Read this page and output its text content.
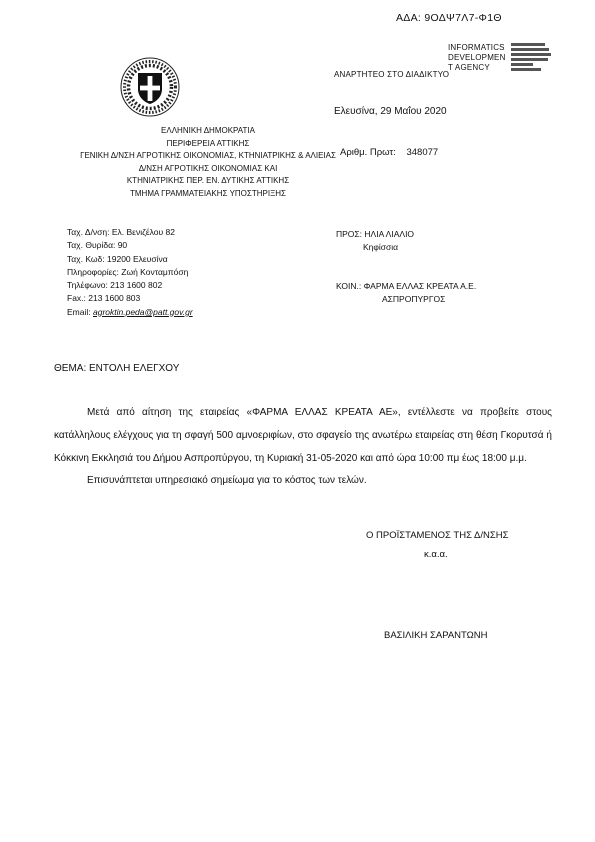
ΑΔΑ: 9ΟΔΨ7Λ7-Φ1Θ
INFORMATICS
DEVELOPMEN
T AGENCY
ΑΝΑΡΤΗΤΕΟ ΣΤΟ ΔΙΑΔΙΚΤΥΟ
ΕΛΛΗΝΙΚΗ ΔΗΜΟΚΡΑΤΙΑ
ΠΕΡΙΦΕΡΕΙΑ ΑΤΤΙΚΗΣ
ΓΕΝΙΚΗ Δ/ΝΣΗ ΑΓΡΟΤΙΚΗΣ ΟΙΚΟΝΟΜΙΑΣ, ΚΤΗΝΙΑΤΡΙΚΗΣ & ΑΛΙΕΙΑΣ
Δ/ΝΣΗ ΑΓΡΟΤΙΚΗΣ ΟΙΚΟΝΟΜΙΑΣ ΚΑΙ
ΚΤΗΝΙΑΤΡΙΚΗΣ ΠΕΡ. ΕΝ. ΔΥΤΙΚΗΣ ΑΤΤΙΚΗΣ
ΤΜΗΜΑ ΓΡΑΜΜΑΤΕΙΑΚΗΣ ΥΠΟΣΤΗΡΙΞΗΣ
Ελευσίνα, 29 Μαΐου 2020
Αριθμ. Πρωτ: 348077
Ταχ. Δ/νση: Ελ. Βενιζέλου 82
Ταχ. Θυρίδα: 90
Ταχ. Κωδ: 19200 Ελευσίνα
Πληροφορίες: Ζωή Κονταμπόση
Τηλέφωνο: 213 1600 802
Fax.: 213 1600 803
Email: agroktin.peda@patt.gov.gr
ΠΡΟΣ: ΗΛΙΑ ΛΙΑΛΙΟ
Κηφίσσια
ΚΟΙΝ.: ΦΑΡΜΑ ΕΛΛΑΣ ΚΡΕΑΤΑ Α.Ε.
ΑΣΠΡΟΠΥΡΓΟΣ
ΘΕΜΑ: ΕΝΤΟΛΗ ΕΛΕΓΧΟΥ

Μετά από αίτηση της εταιρείας «ΦΑΡΜΑ ΕΛΛΑΣ ΚΡΕΑΤΑ ΑΕ», εντέλλεστε να προβείτε στους κατάλληλους ελέγχους για τη σφαγή 500 αμνοεριφίων, στο σφαγείο της ανωτέρω εταιρείας στη θέση Γκορυτσά ή Κόκκινη Εκκλησιά του Δήμου Ασπροπύργου, τη Κυριακή 31-05-2020 και από ώρα 10:00 πμ έως 18:00 μ.μ.

Επισυνάπτεται υπηρεσιακό σημείωμα για το κόστος των τελών.

Ο ΠΡΟΪΣΤΑΜΕΝΟΣ ΤΗΣ Δ/ΝΣΗΣ
κ.α.α.
ΒΑΣΙΛΙΚΗ ΣΑΡΑΝΤΩΝΗ
